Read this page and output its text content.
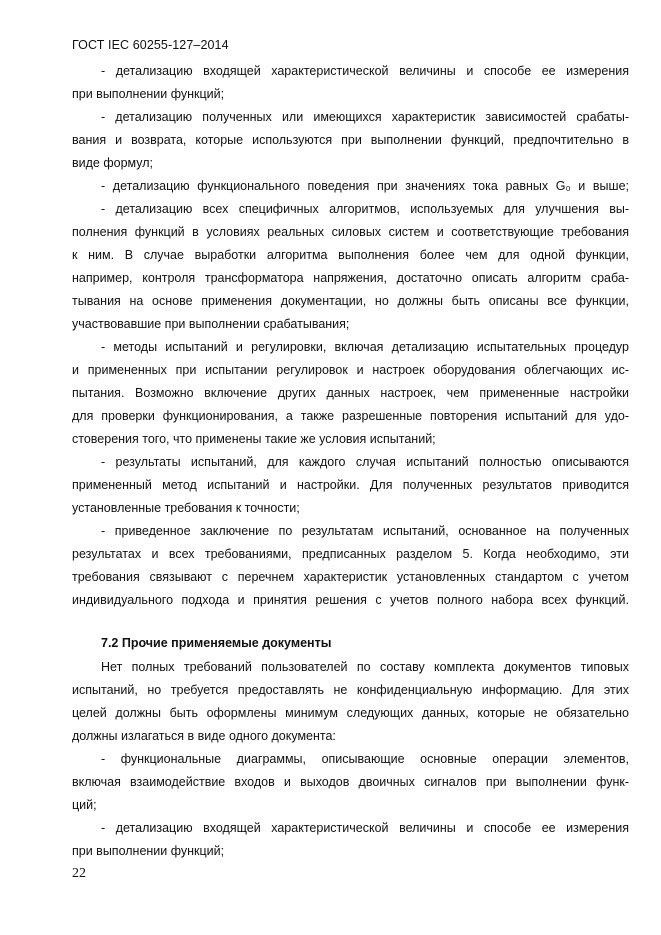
ГОСТ IEC 60255-127–2014
- детализацию входящей характеристической величины и способе ее измерения
при выполнении функций;
- детализацию полученных или имеющихся характеристик зависимостей срабаты-
вания и возврата, которые используются при выполнении функций, предпочтительно в
виде формул;
- детализацию функционального поведения при значениях тока равных G₀ и выше;
- детализацию всех специфичных алгоритмов, используемых для улучшения вы-
полнения функций в условиях реальных силовых систем и соответствующие требования
к ним. В случае выработки алгоритма выполнения более чем для одной функции,
например, контроля трансформатора напряжения, достаточно описать алгоритм сраба-
тывания на основе применения документации, но должны быть описаны все функции,
участвовавшие при выполнении срабатывания;
- методы испытаний и регулировки, включая детализацию испытательных процедур
и примененных при испытании регулировок и настроек оборудования облегчающих ис-
пытания. Возможно включение других данных настроек, чем примененные настройки
для проверки функционирования, а также разрешенные повторения испытаний для удо-
стоверения того, что применены такие же условия испытаний;
- результаты испытаний, для каждого случая испытаний полностью описываются
примененный метод испытаний и настройки. Для полученных результатов приводится
установленные требования к точности;
- приведенное заключение по результатам испытаний, основанное на полученных
результатах и всех требованиями, предписанных разделом 5. Когда необходимо, эти
требования связывают с перечнем характеристик установленных стандартом с учетом
индивидуального подхода и принятия решения с учетов полного набора всех функций.
7.2 Прочие применяемые документы
Нет полных требований пользователей по составу комплекта документов типовых
испытаний, но требуется предоставлять не конфиденциальную информацию. Для этих
целей должны быть оформлены минимум следующих данных, которые не обязательно
должны излагаться в виде одного документа:
- функциональные диаграммы, описывающие основные операции элементов,
включая взаимодействие входов и выходов двоичных сигналов при выполнении функ-
ций;
- детализацию входящей характеристической величины и способе ее измерения
при выполнении функций;
22
